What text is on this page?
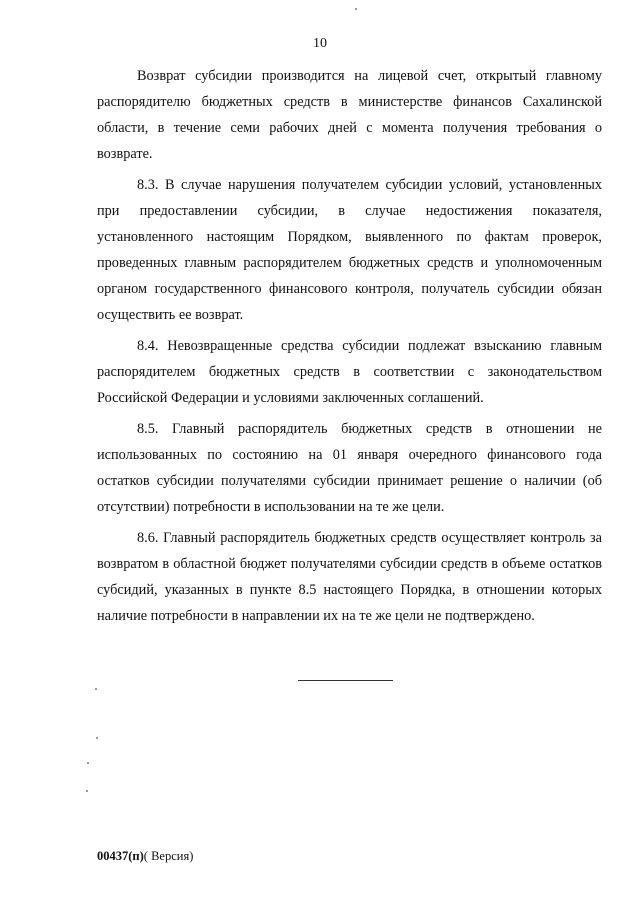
10

Возврат субсидии производится на лицевой счет, открытый главному распорядителю бюджетных средств в министерстве финансов Сахалинской области, в течение семи рабочих дней с момента получения требования о возврате.

8.3. В случае нарушения получателем субсидии условий, установленных при предоставлении субсидии, в случае недостижения показателя, установленного настоящим Порядком, выявленного по фактам проверок, проведенных главным распорядителем бюджетных средств и уполномоченным органом государственного финансового контроля, получатель субсидии обязан осуществить ее возврат.

8.4. Невозвращенные средства субсидии подлежат взысканию главным распорядителем бюджетных средств в соответствии с законодательством Российской Федерации и условиями заключенных соглашений.

8.5. Главный распорядитель бюджетных средств в отношении не использованных по состоянию на 01 января очередного финансового года остатков субсидии получателями субсидии принимает решение о наличии (об отсутствии) потребности в использовании на те же цели.

8.6. Главный распорядитель бюджетных средств осуществляет контроль за возвратом в областной бюджет получателями субсидии средств в объеме остатков субсидий, указанных в пункте 8.5 настоящего Порядка, в отношении которых наличие потребности в направлении их на те же цели не подтверждено.

00437(п)( Версия)
